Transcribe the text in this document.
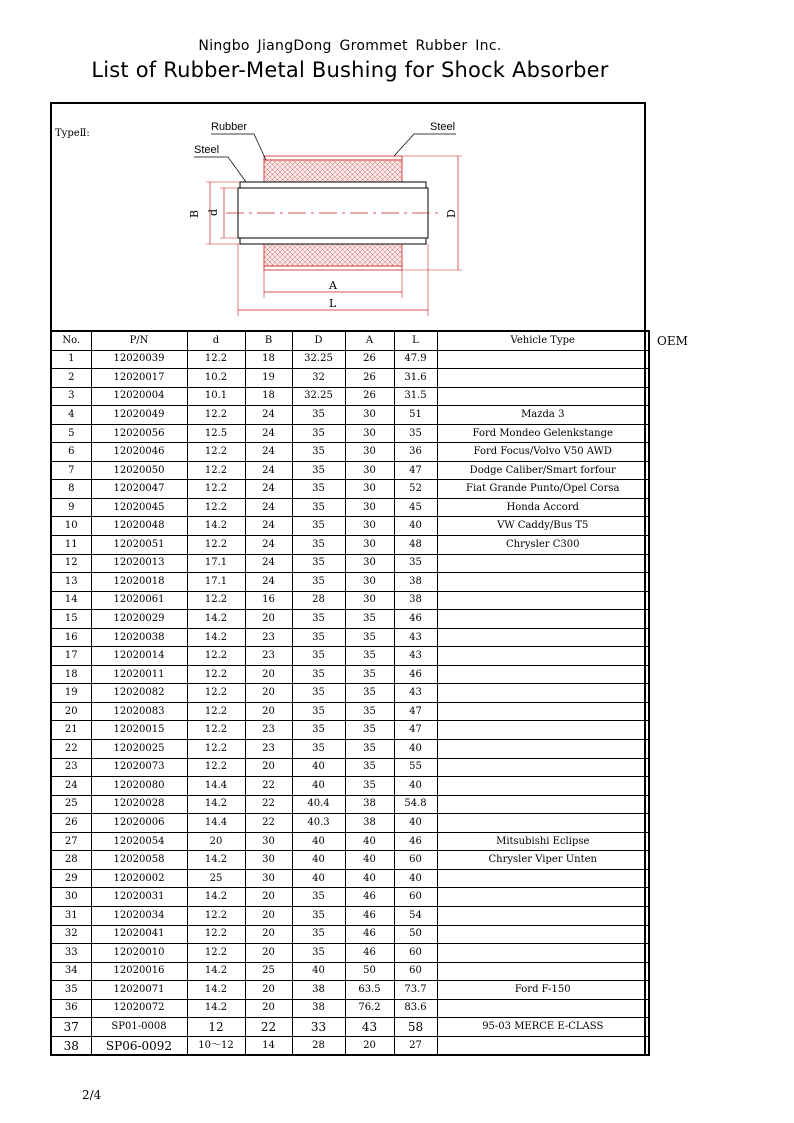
Ningbo JiangDong Grommet Rubber Inc.
List of Rubber-Metal Bushing for Shock Absorber
TypeⅡ:
Rubber	Steel
Steel
B d	D
A
L
No.	P/N	d	B	D	A	L	Vehicle Type
1	12020039	12.2	18	32.25	26	47.9	
2	12020017	10.2	19	32	26	31.6	
3	12020004	10.1	18	32.25	26	31.5	
4	12020049	12.2	24	35	30	51	Mazda 3
5	12020056	12.5	24	35	30	35	Ford Mondeo Gelenkstange
6	12020046	12.2	24	35	30	36	Ford Focus/Volvo V50 AWD
7	12020050	12.2	24	35	30	47	Dodge Caliber/Smart forfour
8	12020047	12.2	24	35	30	52	Fiat Grande Punto/Opel Corsa
9	12020045	12.2	24	35	30	45	Honda Accord
10	12020048	14.2	24	35	30	40	VW Caddy/Bus T5
11	12020051	12.2	24	35	30	48	Chrysler C300
12	12020013	17.1	24	35	30	35	
13	12020018	17.1	24	35	30	38	
14	12020061	12.2	16	28	30	38	
15	12020029	14.2	20	35	35	46	
16	12020038	14.2	23	35	35	43	
17	12020014	12.2	23	35	35	43	
18	12020011	12.2	20	35	35	46	
19	12020082	12.2	20	35	35	43	
20	12020083	12.2	20	35	35	47	
21	12020015	12.2	23	35	35	47	
22	12020025	12.2	23	35	35	40	
23	12020073	12.2	20	40	35	55	
24	12020080	14.4	22	40	35	40	
25	12020028	14.2	22	40.4	38	54.8	
26	12020006	14.4	22	40.3	38	40	
27	12020054	20	30	40	40	46	Mitsubishi Eclipse
28	12020058	14.2	30	40	40	60	Chrysler Viper Unten
29	12020002	25	30	40	40	40	
30	12020031	14.2	20	35	46	60	
31	12020034	12.2	20	35	46	54	
32	12020041	12.2	20	35	46	50	
33	12020010	12.2	20	35	46	60	
34	12020016	14.2	25	40	50	60	
35	12020071	14.2	20	38	63.5	73.7	Ford F-150
36	12020072	14.2	20	38	76.2	83.6	
37	SP01-0008	12	22	33	43	58	95-03 MERCE E-CLASS
38	SP06-0092	10～12	14	28	20	27	
OEM
2/4
